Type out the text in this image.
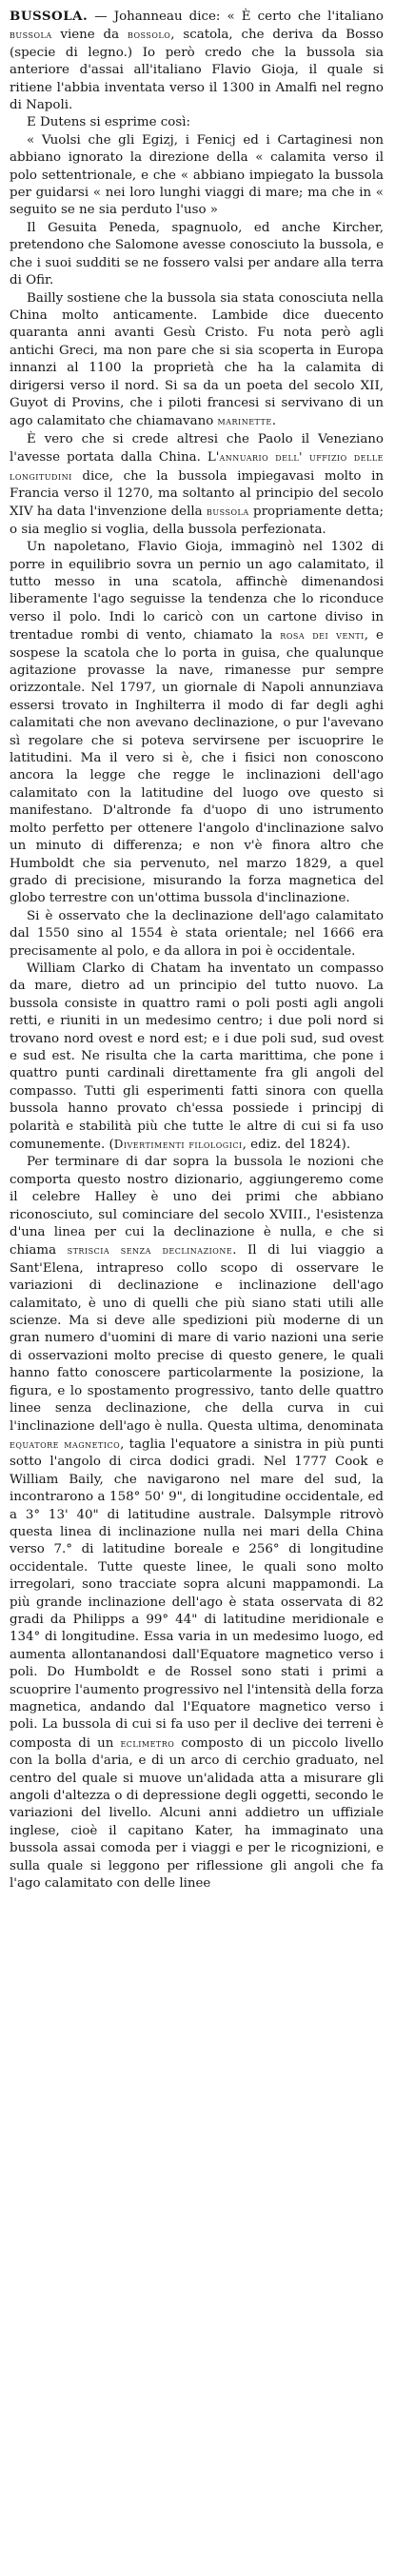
BUSSOLA. — Johanneau dice: « È certo che l'italiano bussola viene da bossolo, scatola, che deriva da Bosso (specie di legno.) Io però credo che la bussola sia anteriore d'assai all'italiano Flavio Gioja, il quale si ritiene l'abbia inventata verso il 1300 in Amalfi nel regno di Napoli.

E Dutens si esprime così:

« Vuolsi che gli Egizj, i Fenicj ed i Cartaginesi non abbiano ignorato la direzione della « calamita verso il polo settentrionale, e che « abbiano impiegato la bussola per guidarsi « nei loro lunghi viaggi di mare; ma che in « seguito se ne sia perduto l'uso »

Il Gesuita Peneda, spagnuolo, ed anche Kircher, pretendono che Salomone avesse conosciuto la bussola, e che i suoi sudditi se ne fossero valsi per andare alla terra di Ofir.

Bailly sostiene che la bussola sia stata conosciuta nella China molto anticamente. Lambide dice duecento quaranta anni avanti Gesù Cristo. Fu nota però agli antichi Greci, ma non pare che si sia scoperta in Europa innanzi al 1100 la proprietà che ha la calamita di dirigersi verso il nord. Si sa da un poeta del secolo XII, Guyot di Provins, che i piloti francesi si servivano di un ago calamitato che chiamavano marinette.

È vero che si crede altresi che Paolo il Veneziano l'avesse portata dalla China. L'annuario dell' uffizio delle longitudini dice, che la bussola impiegavasi molto in Francia verso il 1270, ma soltanto al principio del secolo XIV ha data l'invenzione della bussola propriamente detta; o sia meglio si voglia, della bussola perfezionata.

Un napoletano, Flavio Gioja, immaginò nel 1302 di porre in equilibrio sovra un pernio un ago calamitato, il tutto messo in una scatola, affinchè dimenandosi liberamente l'ago seguisse la tendenza che lo riconduce verso il polo. Indi lo caricò con un cartone diviso in trentadue rombi di vento, chiamato la rosa dei venti, e sospese la scatola che lo porta in guisa, che qualunque agitazione provasse la nave, rimanesse pur sempre orizzontale. Nel 1797, un giornale di Napoli annunziava essersi trovato in Inghilterra il modo di far degli aghi calamitati che non avevano declinazione, o pur l'avevano sì regolare che si poteva servirsene per iscuoprire le latitudini. Ma il vero si è, che i fisici non conoscono ancora la legge che regge le inclinazioni dell'ago calamitato con la latitudine del luogo ove questo si manifestano. D'altronde fa d'uopo di uno istrumento molto perfetto per ottenere l'angolo d'inclinazione salvo un minuto di differenza; e non v'è finora altro che Humboldt che sia pervenuto, nel marzo 1829, a quel grado di precisione, misurando la forza magnetica del globo terrestre con un'ottima bussola d'inclinazione.

Si è osservato che la declinazione dell'ago calamitato dal 1550 sino al 1554 è stata orientale; nel 1666 era precisamente al polo, e da allora in poi è occidentale.

William Clarko di Chatam ha inventato un compasso da mare, dietro ad un principio del tutto nuovo. La bussola consiste in quattro rami o poli posti agli angoli retti, e riuniti in un medesimo centro; i due poli nord si trovano nord ovest e nord est; e i due poli sud, sud ovest e sud est. Ne risulta che la carta marittima, che pone i quattro punti cardinali direttamente fra gli angoli del compasso. Tutti gli esperimenti fatti sinora con quella bussola hanno provato ch'essa possiede i principj di polarità e stabilità più che tutte le altre di cui si fa uso comunemente. (Divertimenti filologici, ediz. del 1824).

Per terminare di dar sopra la bussola le nozioni che comporta questo nostro dizionario, aggiungeremo come il celebre Halley è uno dei primi che abbiano riconosciuto, sul cominciare del secolo XVIII., l'esistenza d'una linea per cui la declinazione è nulla, e che si chiama striscia senza declinazione. Il di lui viaggio a Sant'Elena, intrapreso collo scopo di osservare le variazioni di declinazione e inclinazione dell'ago calamitato, è uno di quelli che più siano stati utili alle scienze. Ma si deve alle spedizioni più moderne di un gran numero d'uomini di mare di vario nazioni una serie di osservazioni molto precise di questo genere, le quali hanno fatto conoscere particolarmente la posizione, la figura, e lo spostamento progressivo, tanto delle quattro linee senza declinazione, che della curva in cui l'inclinazione dell'ago è nulla. Questa ultima, denominata equatore magnetico, taglia l'equatore a sinistra in più punti sotto l'angolo di circa dodici gradi. Nel 1777 Cook e William Baily, che navigarono nel mare del sud, la incontrarono a 158° 50' 9", di longitudine occidentale, ed a 3° 13' 40" di latitudine australe. Dalsymple ritrovò questa linea di inclinazione nulla nei mari della China verso 7.° di latitudine boreale e 256° di longitudine occidentale. Tutte queste linee, le quali sono molto irregolari, sono tracciate sopra alcuni mappamondi. La più grande inclinazione dell'ago è stata osservata di 82 gradi da Philipps a 99° 44" di latitudine meridionale e 134° di longitudine. Essa varia in un medesimo luogo, ed aumenta allontanandosi dall'Equatore magnetico verso i poli. Do Humboldt e de Rossel sono stati i primi a scuoprire l'aumento progressivo nel l'intensità della forza magnetica, andando dal l'Equatore magnetico verso i poli. La bussola di cui si fa uso per il declive dei terreni è composta di un eclimetro composto di un piccolo livello con la bolla d'aria, e di un arco di cerchio graduato, nel centro del quale si muove un'alidada atta a misurare gli angoli d'altezza o di depressione degli oggetti, secondo le variazioni del livello. Alcuni anni addietro un uffiziale inglese, cioè il capitano Kater, ha immaginato una bussola assai comoda per i viaggi e per le ricognizioni, e sulla quale si leggono per riflessione gli angoli che fa l'ago calamitato con delle linee
